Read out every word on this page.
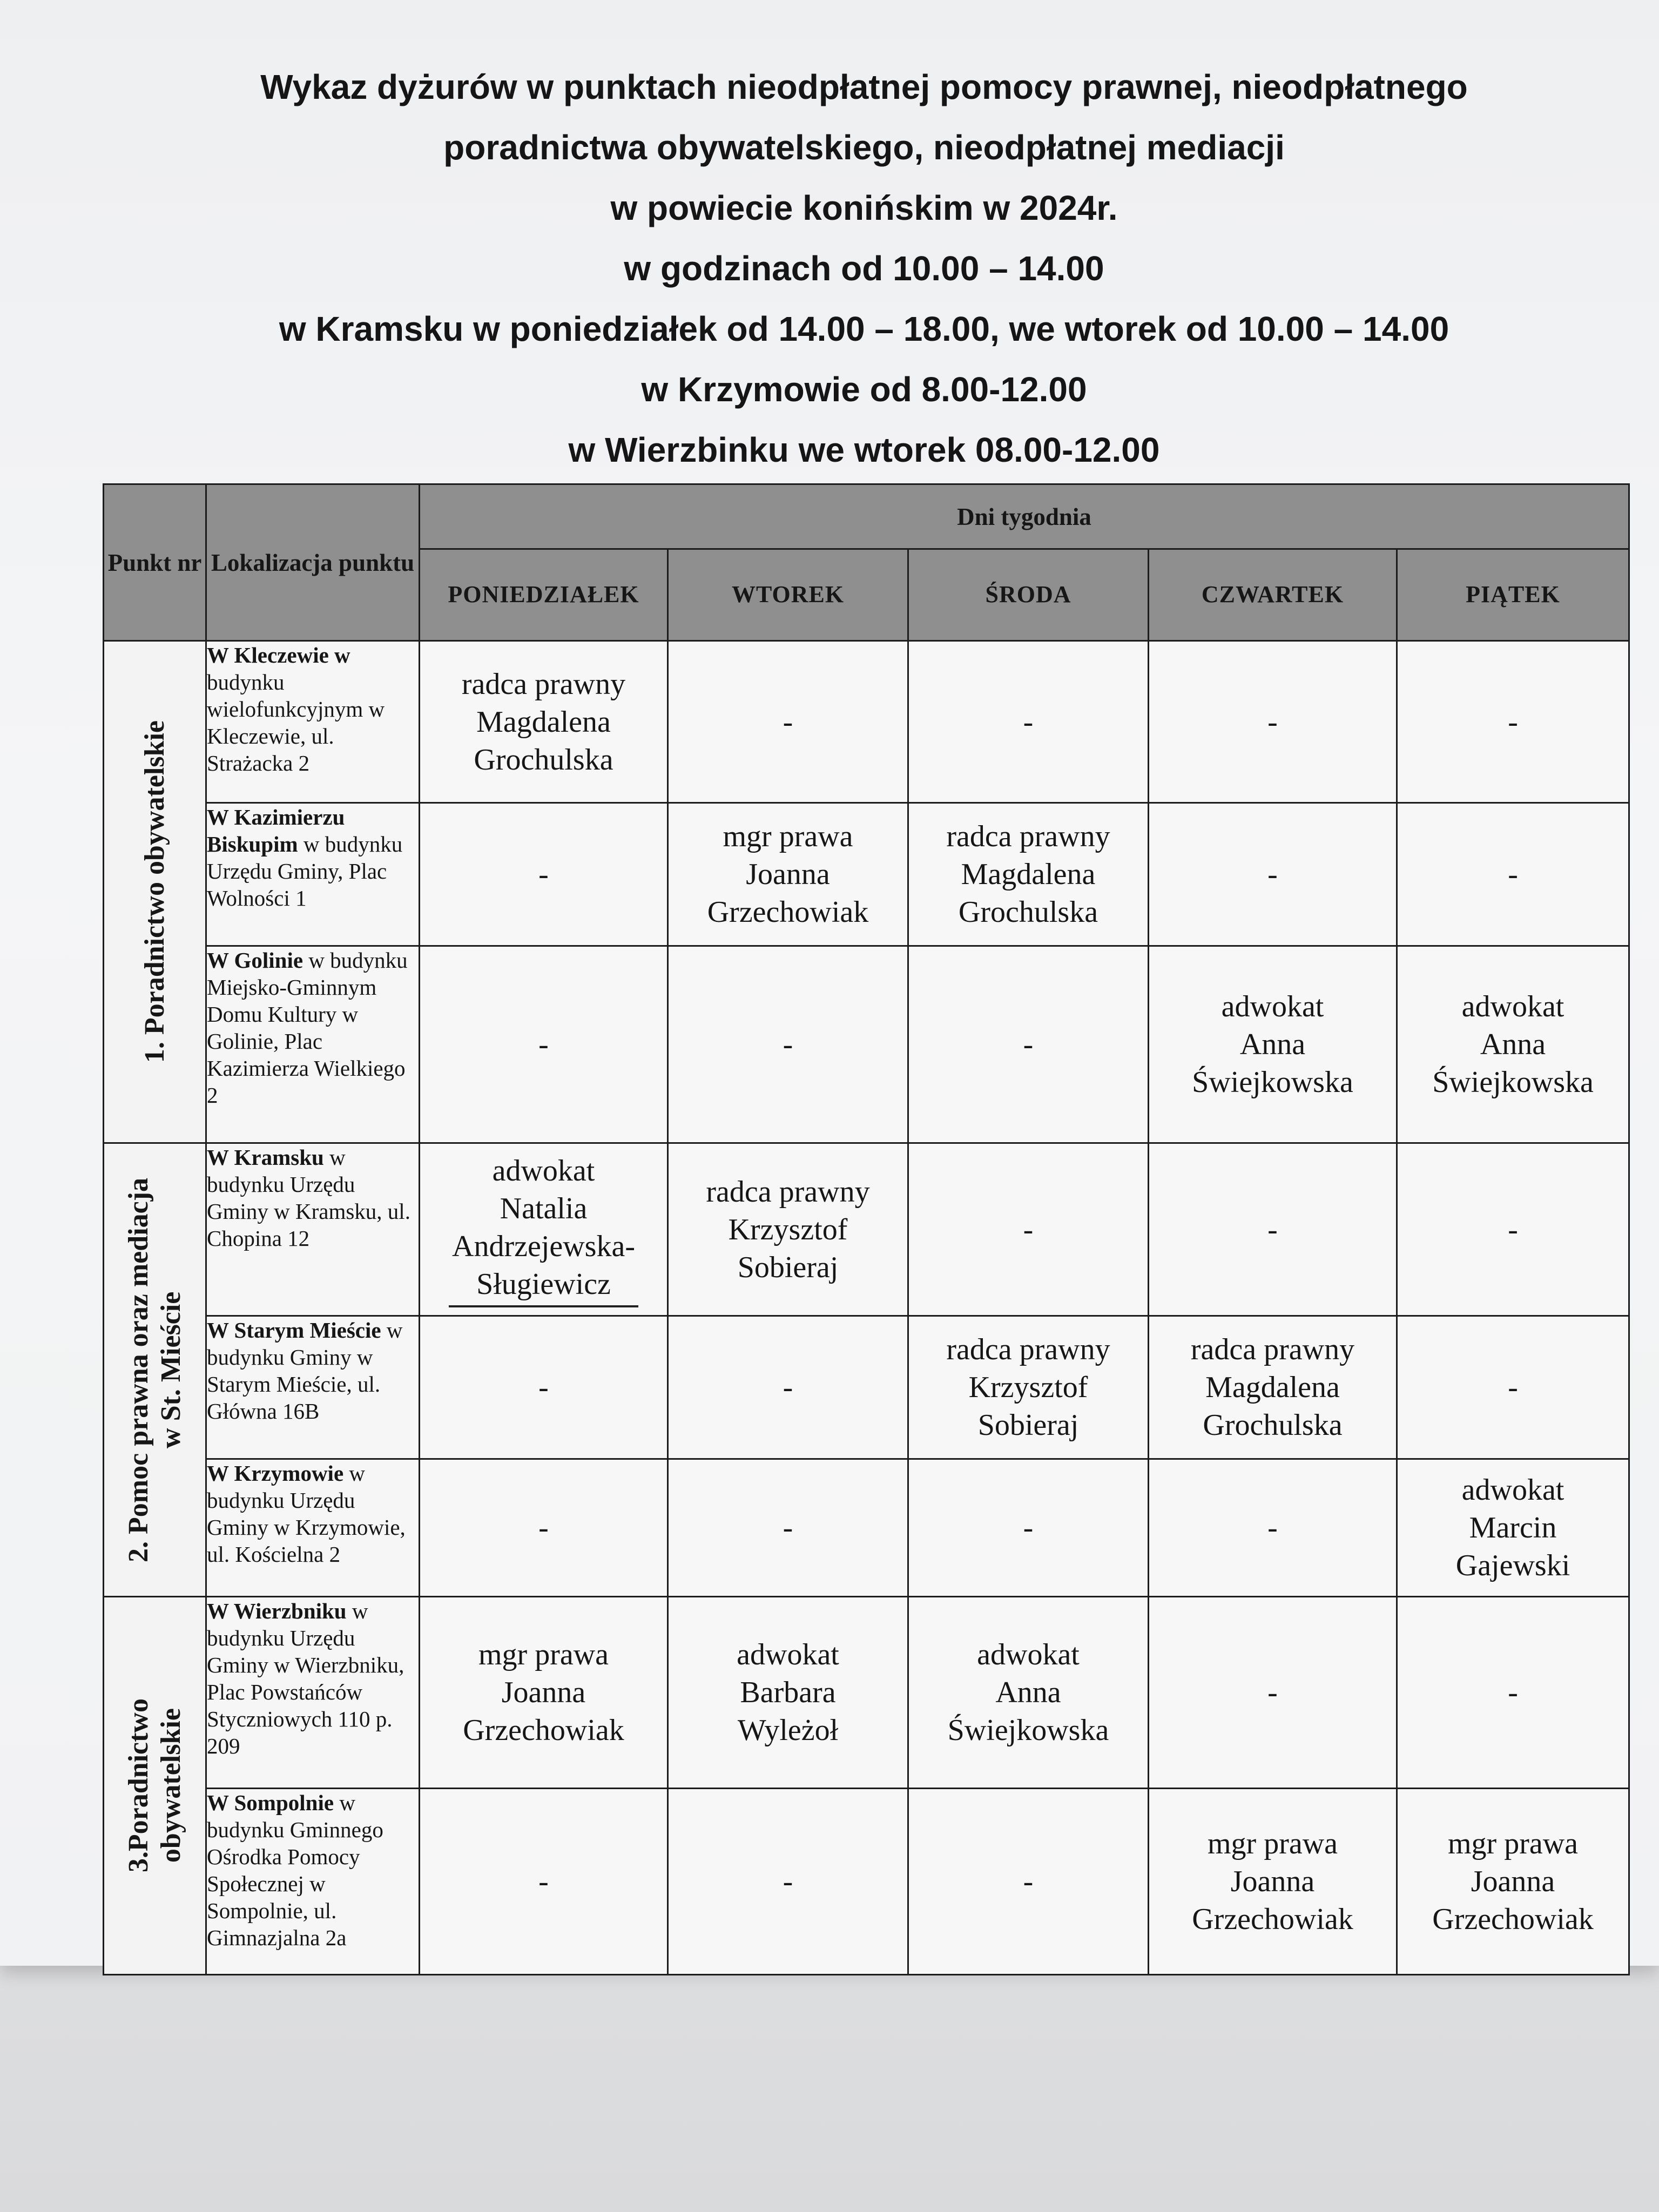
Wykaz dyżurów w punktach nieodpłatnej pomocy prawnej, nieodpłatnego
poradnictwa obywatelskiego, nieodpłatnej mediacji
w powiecie konińskim w 2024r.
w godzinach od 10.00 – 14.00
w Kramsku w poniedziałek od 14.00 – 18.00, we wtorek od 10.00 – 14.00
w Krzymowie od 8.00-12.00
w Wierzbinku we wtorek 08.00-12.00
Punkt nr	Lokalizacja punktu	Dni tygodnia				
		PONIEDZIAŁEK	WTOREK	ŚRODA	CZWARTEK	PIĄTEK

1. Poradnictwo obywatelskie	W Kleczewie w budynku wielofunkcyjnym w Kleczewie, ul. Strażacka 2	radca prawny
Magdalena
Grochulska	-	-	-	-
	W Kazimierzu Biskupim w budynku Urzędu Gminy, Plac Wolności 1	-	mgr prawa
Joanna
Grzechowiak	radca prawny
Magdalena
Grochulska	-	-
	W Golinie w budynku Miejsko-Gminnym Domu Kultury w Golinie, Plac Kazimierza Wielkiego 2	-	-	-	adwokat
Anna
Świejkowska	adwokat
Anna
Świejkowska

2. Pomoc prawna oraz mediacja
w St. Mieście	W Kramsku w budynku Urzędu Gminy w Kramsku, ul. Chopina 12	adwokat
Natalia
Andrzejewska-
Sługiewicz	radca prawny
Krzysztof
Sobieraj	-	-	-
	W Starym Mieście w budynku Gminy w Starym Mieście, ul. Główna 16B	-	-	radca prawny
Krzysztof
Sobieraj	radca prawny
Magdalena
Grochulska	-
	W Krzymowie w budynku Urzędu Gminy w Krzymowie, ul. Kościelna 2	-	-	-	-	adwokat
Marcin
Gajewski

3.Poradnictwo
obywatelskie	W Wierzbniku w budynku Urzędu Gminy w Wierzbniku, Plac Powstańców Styczniowych 110 p. 209	mgr prawa
Joanna
Grzechowiak	adwokat
Barbara
Wyleżoł	adwokat
Anna
Świejkowska	-	-
	W Sompolnie w budynku Gminnego Ośrodka Pomocy Społecznej w Sompolnie, ul. Gimnazjalna 2a	-	-	-	mgr prawa
Joanna
Grzechowiak	mgr prawa
Joanna
Grzechowiak
